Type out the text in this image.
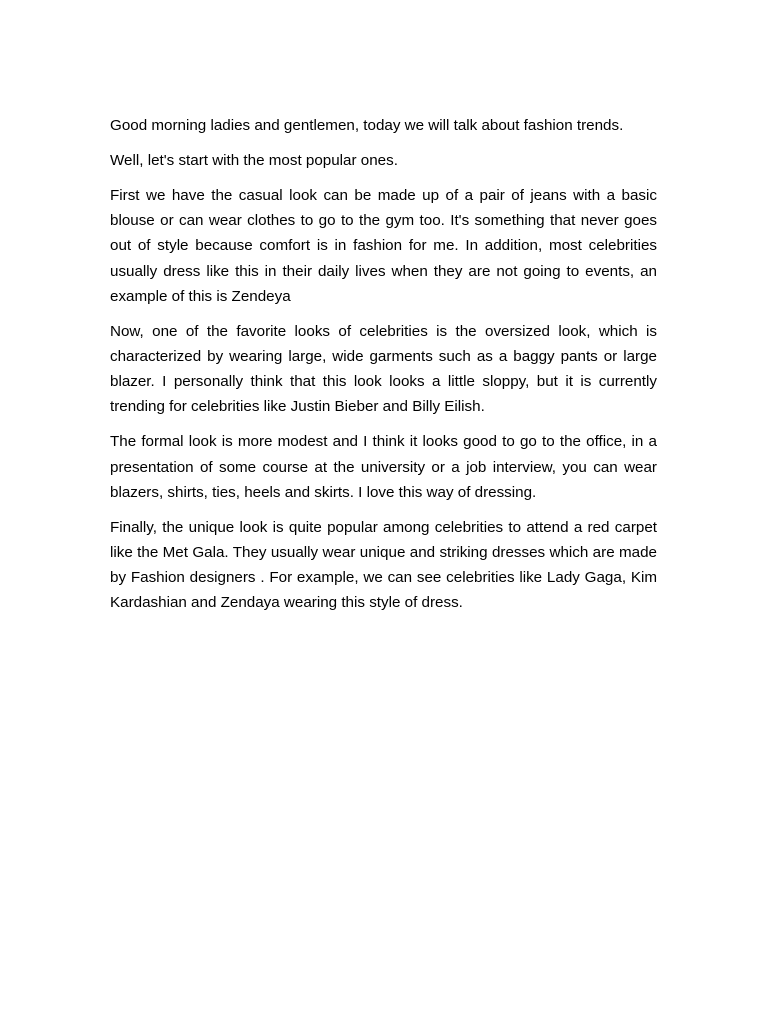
Good morning ladies and gentlemen, today we will talk about fashion trends.

Well, let's start with the most popular ones.

First we have the casual look can be made up of a pair of jeans with a basic blouse or can wear clothes to go to the gym too. It's something that never goes out of style because comfort is in fashion for me. In addition, most celebrities usually dress like this in their daily lives when they are not going to events, an example of this is Zendeya

Now, one of the favorite looks of celebrities is the oversized look, which is characterized by wearing large, wide garments such as a baggy pants or large blazer. I personally think that this look looks a little sloppy, but it is currently trending for celebrities like Justin Bieber and Billy Eilish.

The formal look is more modest and I think it looks good to go to the office, in a presentation of some course at the university or a job interview, you can wear blazers, shirts, ties, heels and skirts. I love this way of dressing.

Finally, the unique look is quite popular among celebrities to attend a red carpet like the Met Gala. They usually wear unique and striking dresses which are made by Fashion designers . For example, we can see celebrities like Lady Gaga, Kim Kardashian and Zendaya wearing this style of dress.
